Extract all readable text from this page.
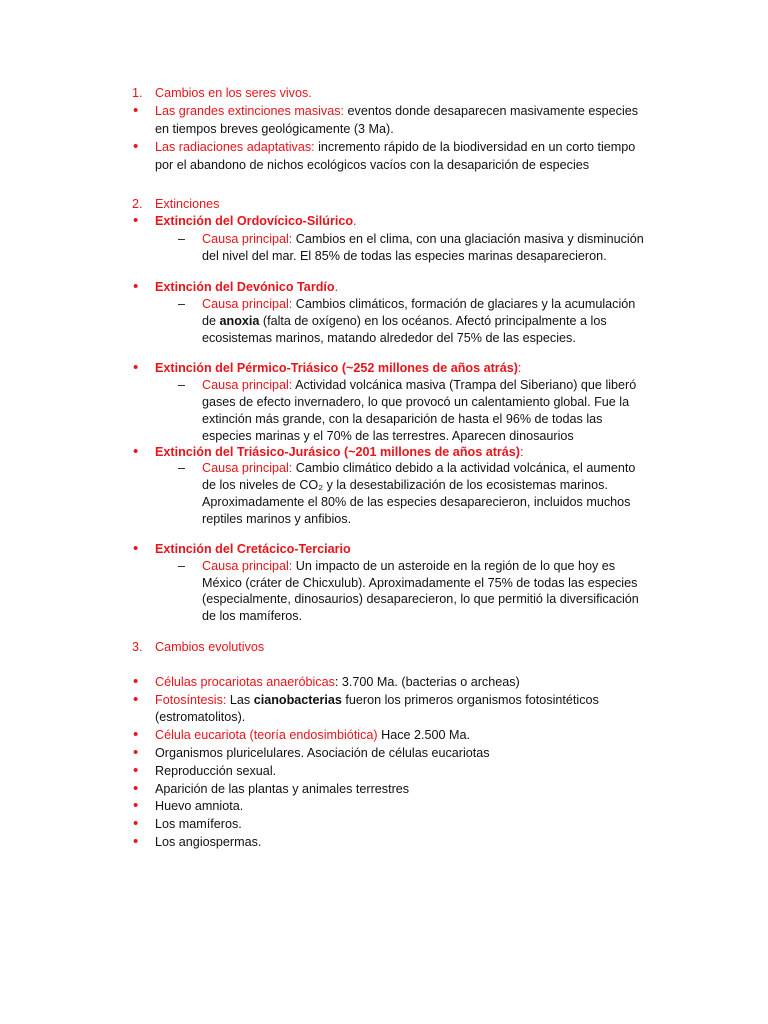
1. Cambios en los seres vivos.
• Las grandes extinciones masivas: eventos donde desaparecen masivamente especies
en tiempos breves geológicamente (3 Ma).
• Las radiaciones adaptativas: incremento rápido de la biodiversidad en un corto tiempo
por el abandono de nichos ecológicos vacíos con la desaparición de especies
2. Extinciones
• Extinción del Ordovícico-Silúrico.
– Causa principal: Cambios en el clima, con una glaciación masiva y disminución
del nivel del mar. El 85% de todas las especies marinas desaparecieron.
• Extinción del Devónico Tardío.
– Causa principal: Cambios climáticos, formación de glaciares y la acumulación
de anoxia (falta de oxígeno) en los océanos. Afectó principalmente a los
ecosistemas marinos, matando alrededor del 75% de las especies.
• Extinción del Pérmico-Triásico (~252 millones de años atrás):
– Causa principal: Actividad volcánica masiva (Trampa del Siberiano) que liberó
gases de efecto invernadero, lo que provocó un calentamiento global. Fue la
extinción más grande, con la desaparición de hasta el 96% de todas las
especies marinas y el 70% de las terrestres. Aparecen dinosaurios
• Extinción del Triásico-Jurásico (~201 millones de años atrás):
– Causa principal: Cambio climático debido a la actividad volcánica, el aumento
de los niveles de CO₂ y la desestabilización de los ecosistemas marinos.
Aproximadamente el 80% de las especies desaparecieron, incluidos muchos
reptiles marinos y anfibios.
• Extinción del Cretácico-Terciario
– Causa principal: Un impacto de un asteroide en la región de lo que hoy es
México (cráter de Chicxulub). Aproximadamente el 75% de todas las especies
(especialmente, dinosaurios) desaparecieron, lo que permitió la diversificación
de los mamíferos.
3. Cambios evolutivos
• Células procariotas anaeróbicas: 3.700 Ma. (bacterias o archeas)
• Fotosíntesis: Las cianobacterias fueron los primeros organismos fotosintéticos
(estromatolitos).
• Célula eucariota (teoría endosimbiótica) Hace 2.500 Ma.
• Organismos pluricelulares. Asociación de células eucariotas
• Reproducción sexual.
• Aparición de las plantas y animales terrestres
• Huevo amniota.
• Los mamíferos.
• Los angiospermas.
